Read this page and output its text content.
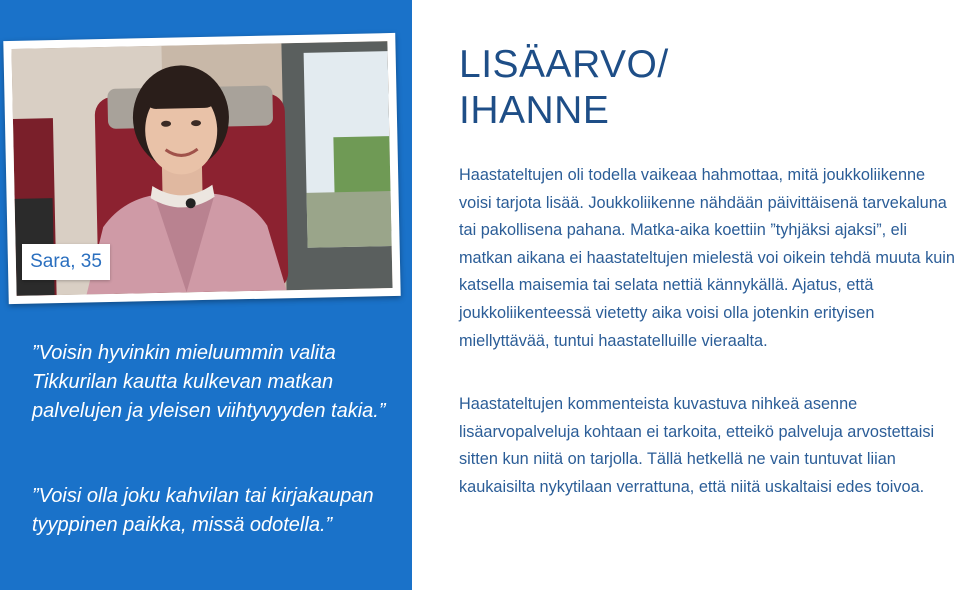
Sara, 35

”Voisin hyvinkin mieluummin valita Tikkurilan kautta kulkevan matkan palvelujen ja yleisen viihtyvyyden takia.”

”Voisi olla joku kahvilan tai kirjakaupan tyyppinen paikka, missä odotella.”

LISÄARVO/
IHANNE

Haastateltujen oli todella vaikeaa hahmottaa, mitä joukkoliikenne voisi tarjota lisää. Joukkoliikenne nähdään päivittäisenä tarvekaluna tai pakollisena pahana. Matka-aika koettiin ”tyhjäksi ajaksi”, eli matkan aikana ei haastateltujen mielestä voi oikein tehdä muuta kuin katsella maisemia tai selata nettiä kännykällä. Ajatus, että joukkoliikenteessä vietetty aika voisi olla jotenkin erityisen miellyttävää, tuntui haastatelluille vieraalta.

Haastateltujen kommenteista kuvastuva nihkeä asenne lisäarvopalveluja kohtaan ei tarkoita, etteikö palveluja arvostettaisi sitten kun niitä on tarjolla. Tällä hetkellä ne vain tuntuvat liian kaukaisilta nykytilaan verrattuna, että niitä uskaltaisi edes toivoa.
